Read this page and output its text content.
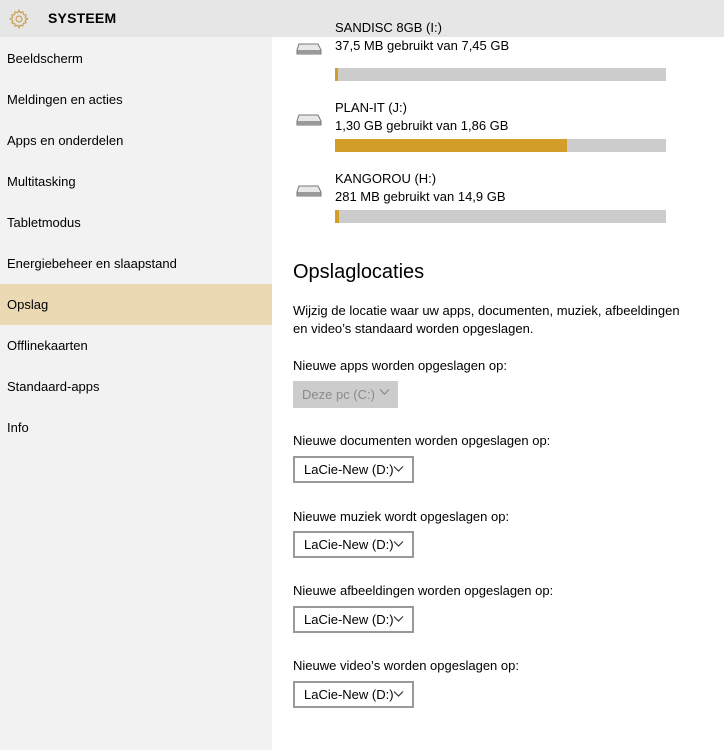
SYSTEEM
Beeldscherm
Meldingen en acties
Apps en onderdelen
Multitasking
Tabletmodus
Energiebeheer en slaapstand
Opslag
Offlinekaarten
Standaard-apps
Info
SANDISC 8GB (I:)
37,5 MB gebruikt van 7,45 GB
PLAN-IT (J:)
1,30 GB gebruikt van 1,86 GB
KANGOROU (H:)
281 MB gebruikt van 14,9 GB
Opslaglocaties
Wijzig de locatie waar uw apps, documenten, muziek, afbeeldingen en video’s standaard worden opgeslagen.
Nieuwe apps worden opgeslagen op:
Deze pc (C:)
Nieuwe documenten worden opgeslagen op:
LaCie-New (D:)
Nieuwe muziek wordt opgeslagen op:
LaCie-New (D:)
Nieuwe afbeeldingen worden opgeslagen op:
LaCie-New (D:)
Nieuwe video’s worden opgeslagen op:
LaCie-New (D:)
